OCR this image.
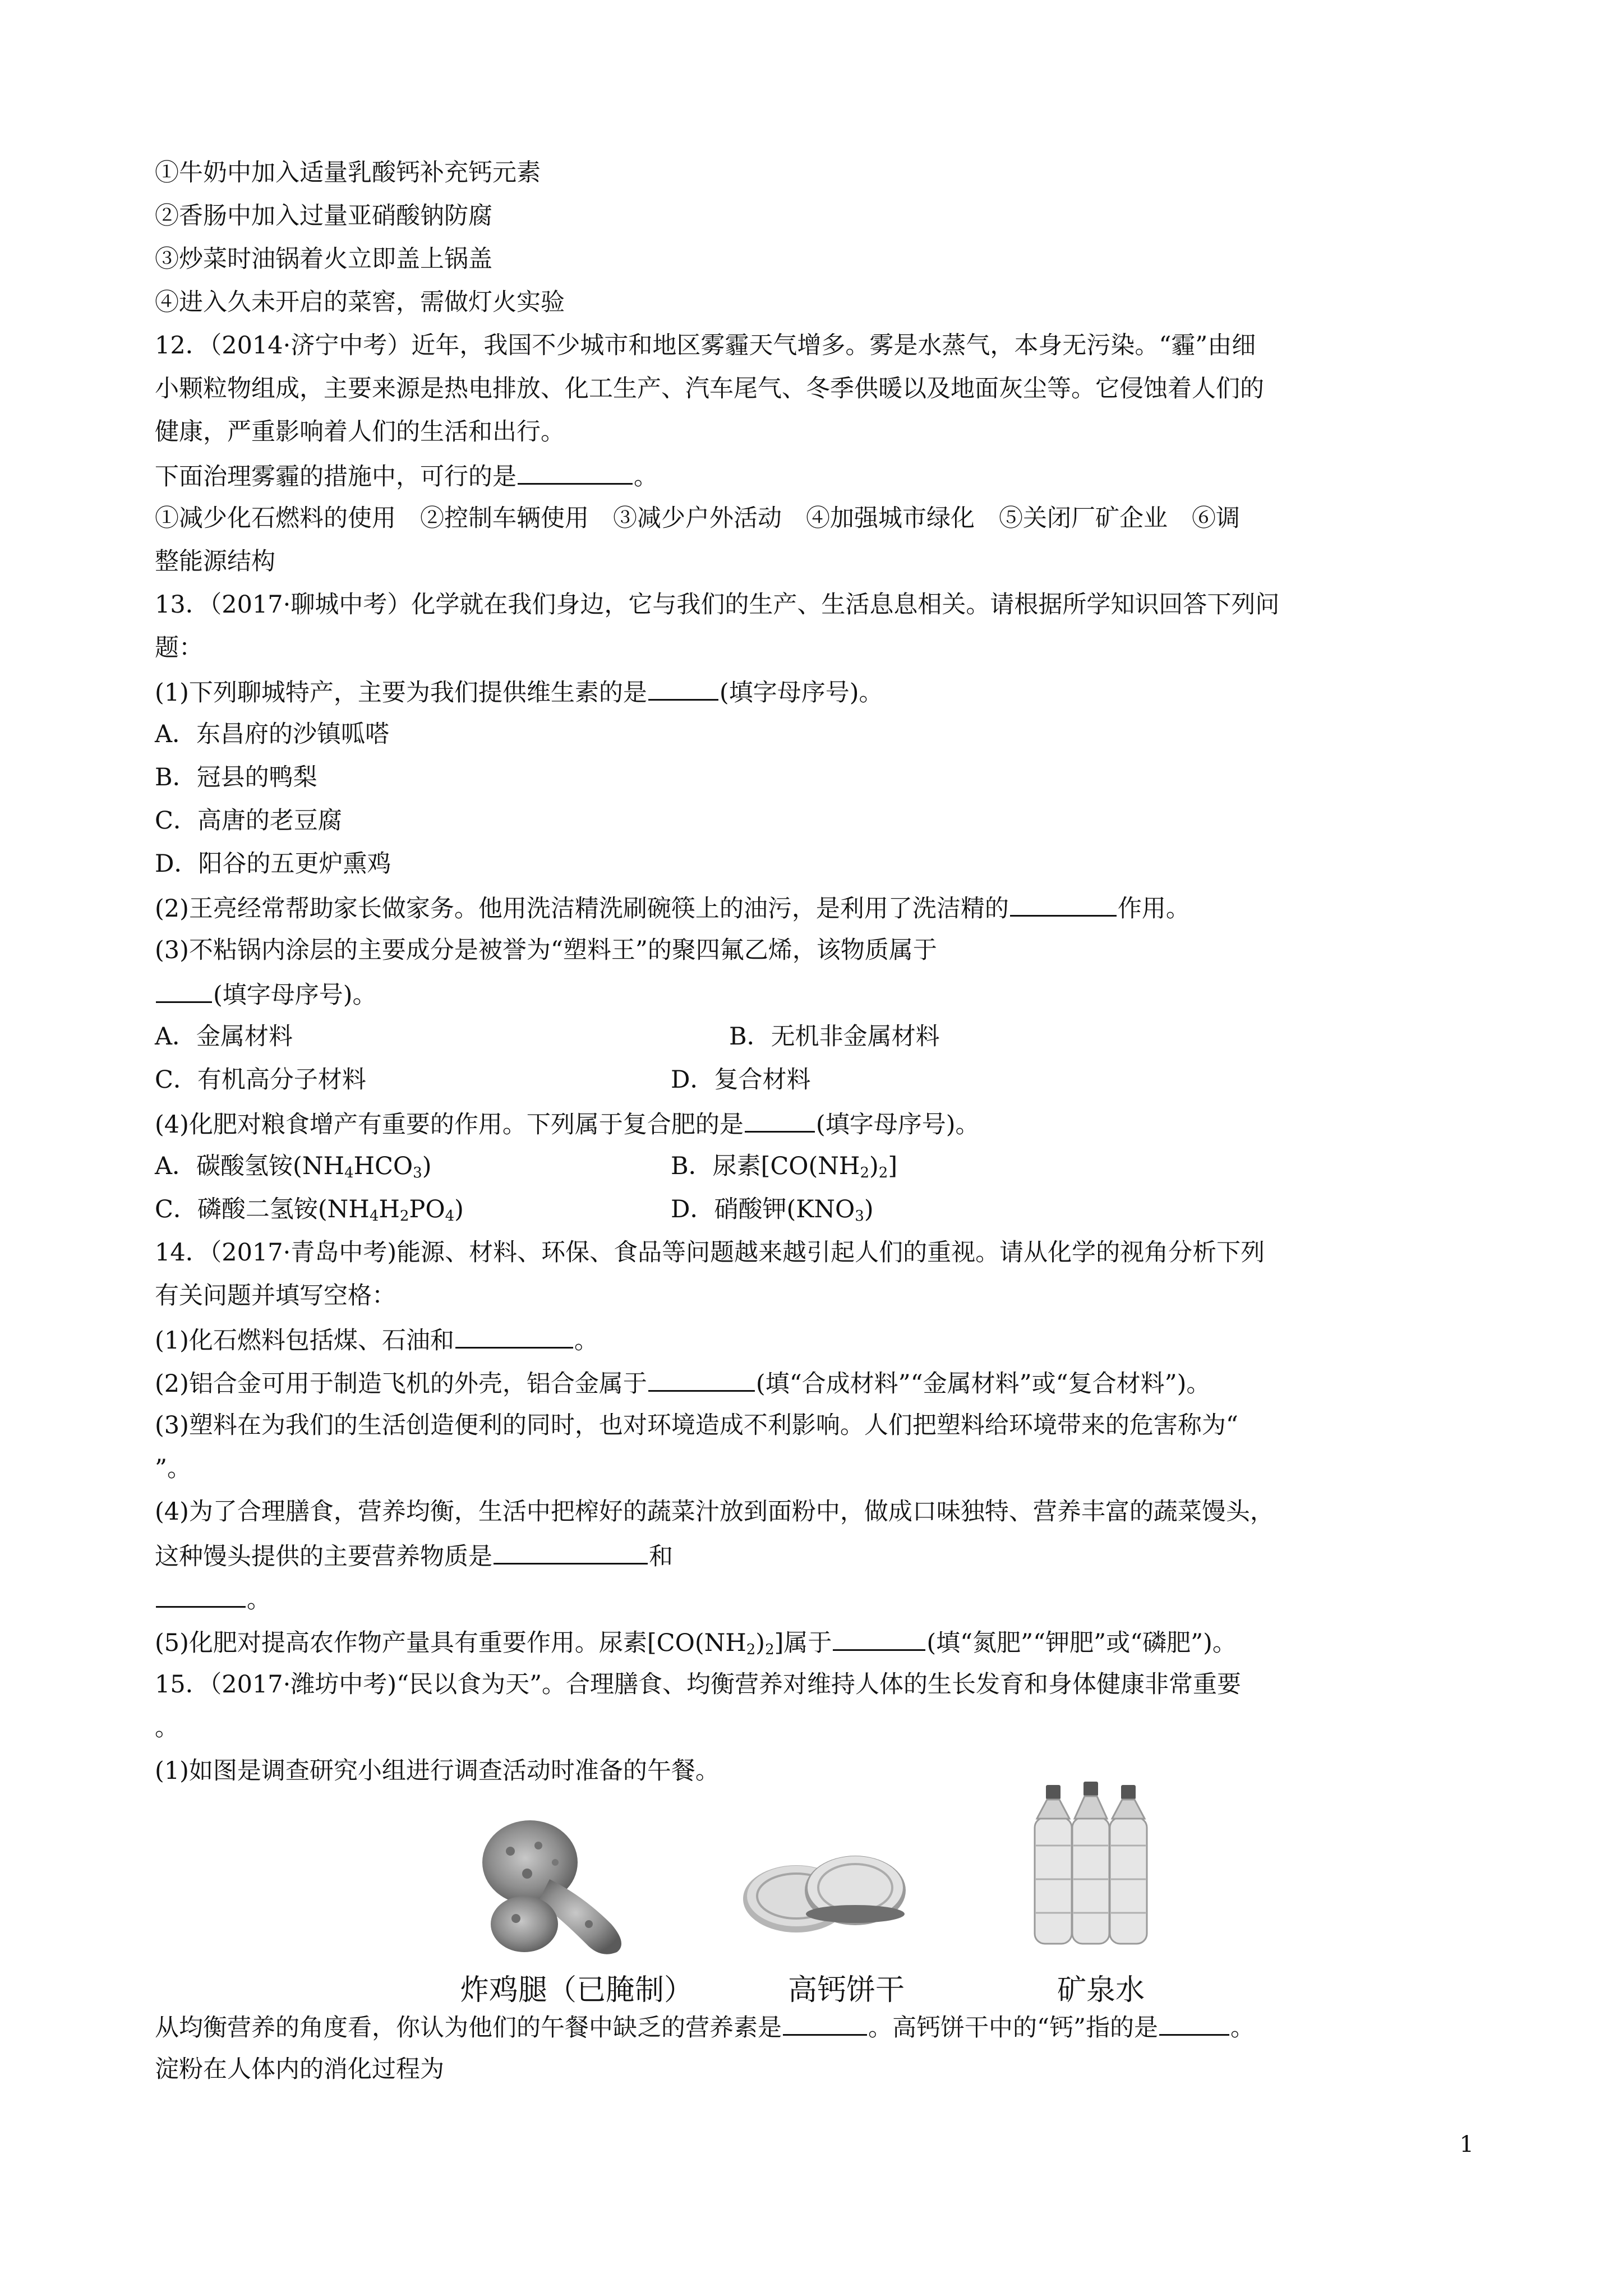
①牛奶中加入适量乳酸钙补充钙元素
②香肠中加入过量亚硝酸钠防腐
③炒菜时油锅着火立即盖上锅盖
④进入久未开启的菜窖，需做灯火实验
12．（2014·济宁中考）近年，我国不少城市和地区雾霾天气增多。雾是水蒸气，本身无污染。“霾”由细
小颗粒物组成，主要来源是热电排放、化工生产、汽车尾气、冬季供暖以及地面灰尘等。它侵蚀着人们的
健康，严重影响着人们的生活和出行。
下面治理雾霾的措施中，可行的是	。
①减少化石燃料的使用　②控制车辆使用　③减少户外活动　④加强城市绿化　⑤关闭厂矿企业　⑥调
整能源结构
13．（2017·聊城中考）化学就在我们身边，它与我们的生产、生活息息相关。请根据所学知识回答下列问
题：
(1)下列聊城特产，主要为我们提供维生素的是	(填字母序号)。
A．东昌府的沙镇呱嗒
B．冠县的鸭梨
C．高唐的老豆腐
D．阳谷的五更炉熏鸡
(2)王亮经常帮助家长做家务。他用洗洁精洗刷碗筷上的油污，是利用了洗洁精的	作用。
(3)不粘锅内涂层的主要成分是被誉为“塑料王”的聚四氟乙烯，该物质属于
(填字母序号)。
A．金属材料	B．无机非金属材料
C．有机高分子材料	D．复合材料
(4)化肥对粮食增产有重要的作用。下列属于复合肥的是	(填字母序号)。
A．碳酸氢铵$(NH_4HCO_3)$	B．尿素$[CO(NH_2)_2]$
C．磷酸二氢铵$(NH_4H_2PO_4)$	D．硝酸钾$(KNO_3)$
14．（2017·青岛中考)能源、材料、环保、食品等问题越来越引起人们的重视。请从化学的视角分析下列
有关问题并填写空格：
(1)化石燃料包括煤、石油和	。
(2)铝合金可用于制造飞机的外壳，铝合金属于	(填“合成材料”“金属材料”或“复合材料”)。
(3)塑料在为我们的生活创造便利的同时，也对环境造成不利影响。人们把塑料给环境带来的危害称为“
”。
(4)为了合理膳食，营养均衡，生活中把榨好的蔬菜汁放到面粉中，做成口味独特、营养丰富的蔬菜馒头，
这种馒头提供的主要营养物质是	和
。
(5)化肥对提高农作物产量具有重要作用。尿素$[CO(NH_2)_2]$属于	(填“氮肥”“钾肥”或“磷肥”)。
15．（2017·潍坊中考)“民以食为天”。合理膳食、均衡营养对维持人体的生长发育和身体健康非常重要
。
(1)如图是调查研究小组进行调查活动时准备的午餐。
炸鸡腿（已腌制）	高钙饼干	矿泉水
从均衡营养的角度看，你认为他们的午餐中缺乏的营养素是	。高钙饼干中的“钙”指的是	。
淀粉在人体内的消化过程为
1
